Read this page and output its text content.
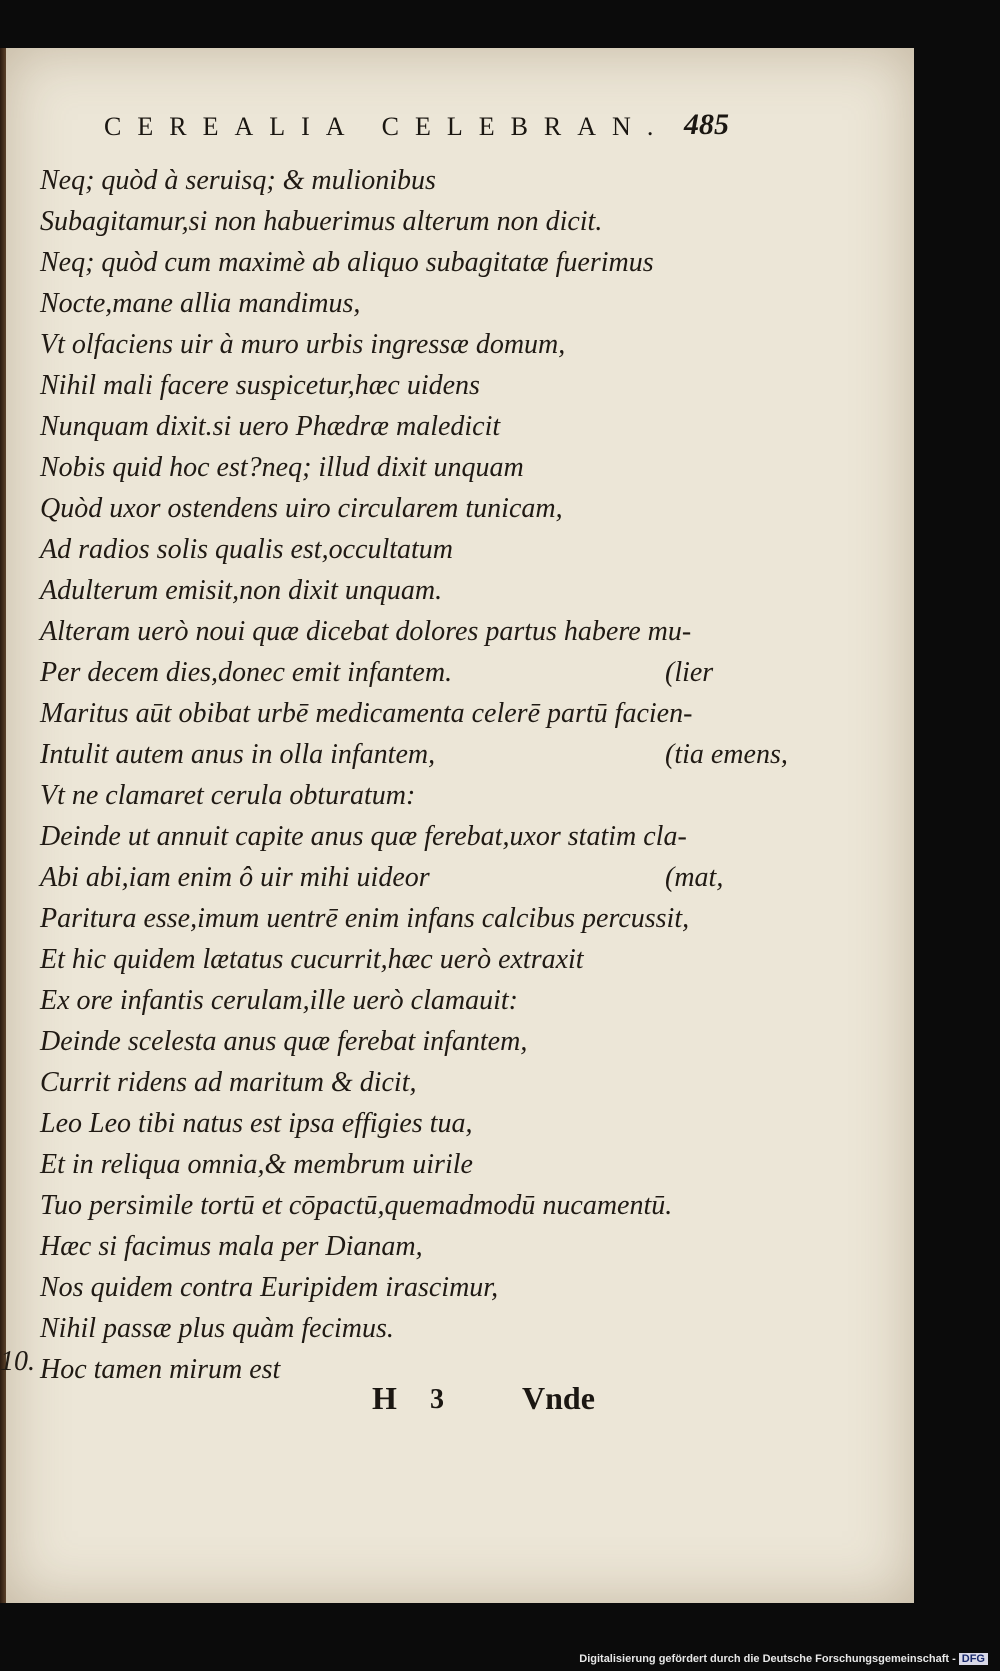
CEREALIA CELEBRAN. 485
Neq; quòd à seruisq; & mulionibus
Subagitamur,si non habuerimus alterum non dicit.
Neq; quòd cum maximè ab aliquo subagitatæ fuerimus
Nocte,mane allia mandimus,
Vt olfaciens uir à muro urbis ingressæ domum,
Nihil mali facere suspicetur,hæc uidens
Nunquam dixit.si uero Phædræ maledicit
Nobis quid hoc est?neq; illud dixit unquam
Quòd uxor ostendens uiro circularem tunicam,
Ad radios solis qualis est,occultatum
Adulterum emisit,non dixit unquam.
Alteram uerò noui quæ dicebat dolores partus habere mu-
Per decem dies,donec emit infantem.	(lier
Maritus aūt obibat urbē medicamenta celerē partū facien-
Intulit autem anus in olla infantem,	(tia emens,
Vt ne clamaret cerula obturatum:
Deinde ut annuit capite anus quæ ferebat,uxor statim cla-
Abi abi,iam enim ô uir mihi uideor	(mat,
Paritura esse,imum uentrē enim infans calcibus percussit,
Et hic quidem lætatus cucurrit,hæc uerò extraxit
Ex ore infantis cerulam,ille uerò clamauit:
Deinde scelesta anus quæ ferebat infantem,
Currit ridens ad maritum & dicit,
Leo Leo tibi natus est ipsa effigies tua,
Et in reliqua omnia,& membrum uirile
Tuo persimile tortū et cōpactū,quemadmodū nucamentū.
Hæc si facimus mala per Dianam,
Nos quidem contra Euripidem irascimur,
Nihil passæ plus quàm fecimus.
Hoc tamen mirum est
10.
H 3 Vnde
Digitalisierung gefördert durch die Deutsche Forschungsgemeinschaft - DFG
